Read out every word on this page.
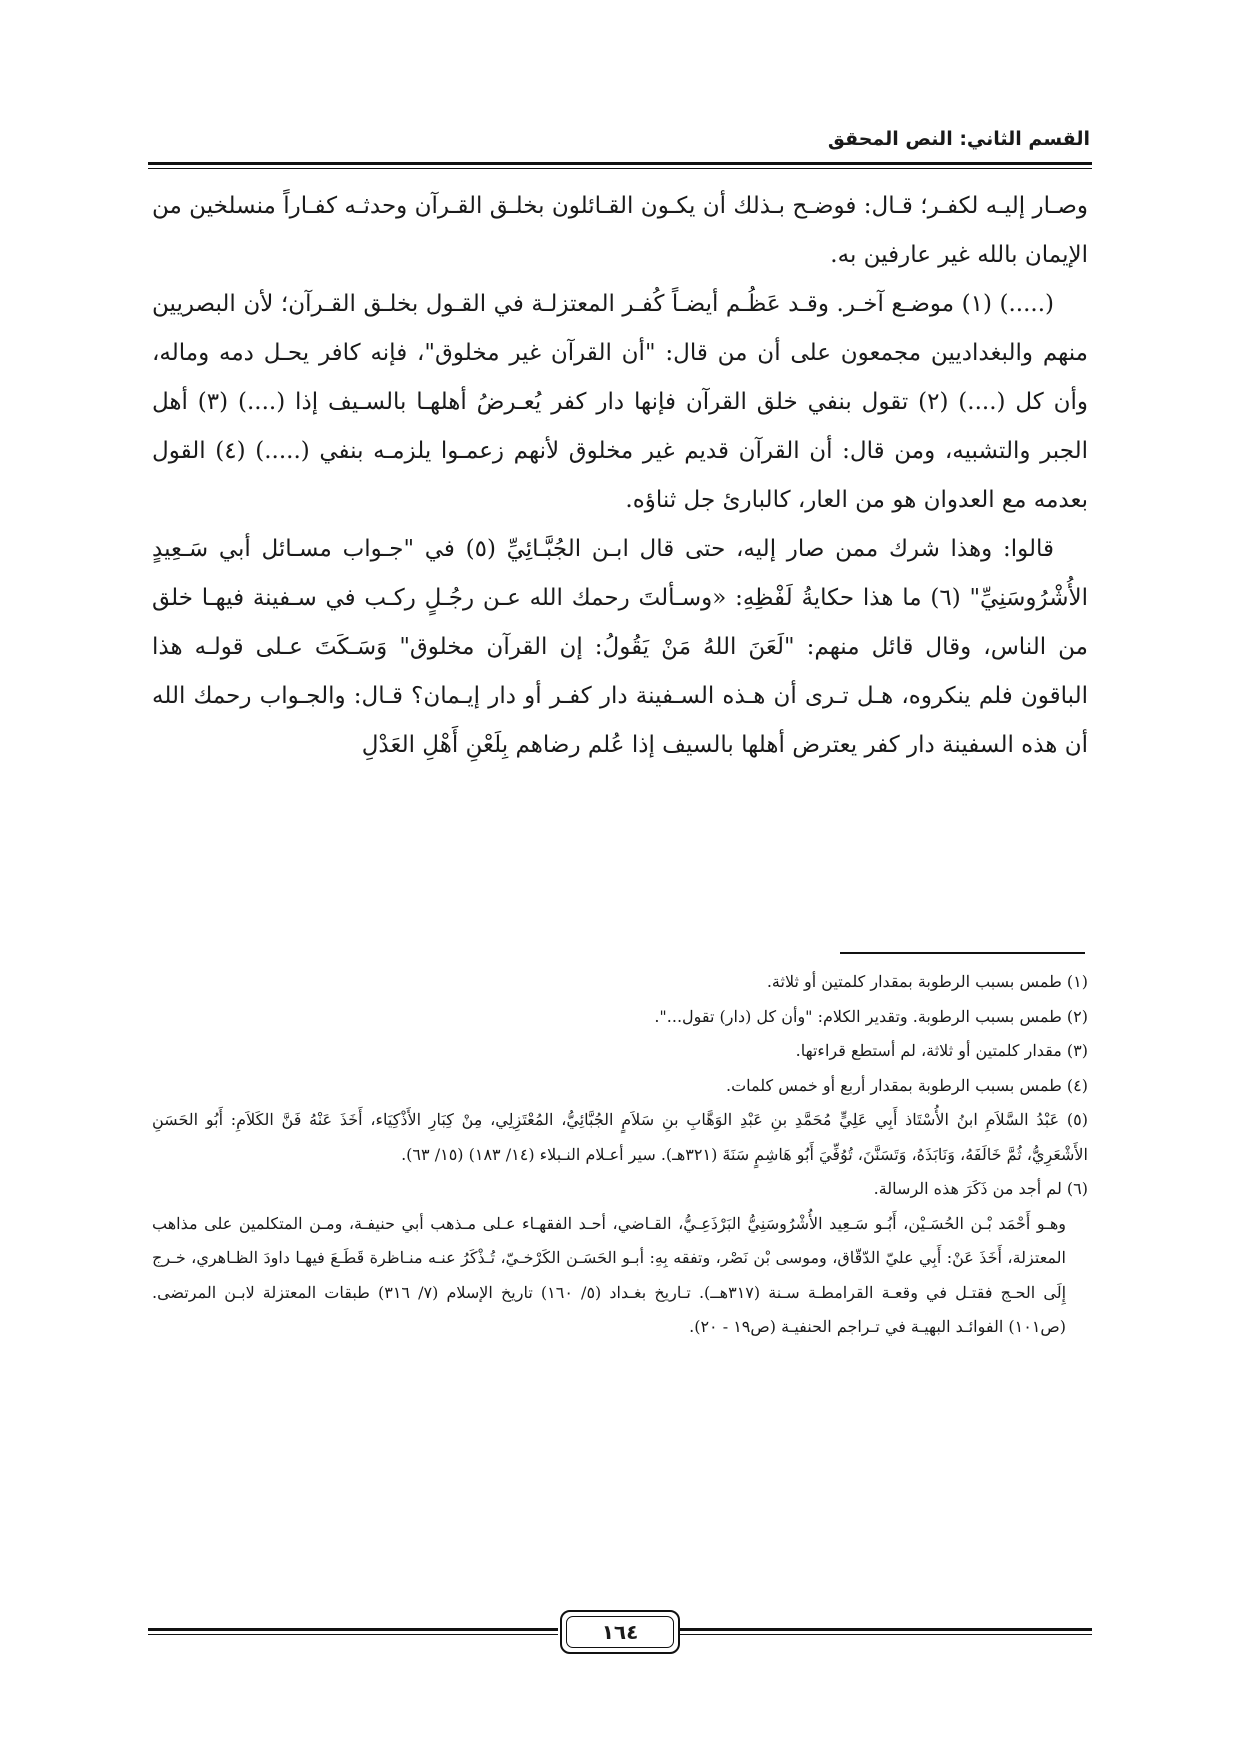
القسم الثاني: النص المحقق

وصـار إليـه لكفـر؛ قـال: فوضـح بـذلك أن يكـون القـائلون بخلـق القـرآن وحدثـه كفـاراً منسلخين من الإيمان بالله غير عارفين به.

(.....) (١) موضـع آخـر. وقـد عَظُـم أيضـاً كُفـر المعتزلـة في القـول بخلـق القـرآن؛ لأن البصريين منهم والبغداديين مجمعون على أن من قال: "أن القرآن غير مخلوق"، فإنه كافر يحـل دمه وماله، وأن كل (....) (٢) تقول بنفي خلق القرآن فإنها دار كفر يُعـرضُ أهلهـا بالسـيف إذا (....) (٣) أهل الجبر والتشبيه، ومن قال: أن القرآن قديم غير مخلوق لأنهم زعمـوا يلزمـه بنفي (.....) (٤) القول بعدمه مع العدوان هو من العار، كالبارئ جل ثناؤه.

قالوا: وهذا شرك ممن صار إليه، حتى قال ابـن الجُبَّـائِيِّ (٥) في "جـواب مسـائل أبي سَـعِيدٍ الأُشْرُوسَنِيِّ" (٦) ما هذا حكايةُ لَفْظِهِ: «وسـألتَ رحمك الله عـن رجُـلٍ ركـب في سـفينة فيهـا خلق من الناس، وقال قائل منهم: "لَعَنَ اللهُ مَنْ يَقُولُ: إن القرآن مخلوق" وَسَـكَتَ عـلى قولـه هذا الباقون فلم ينكروه، هـل تـرى أن هـذه السـفينة دار كفـر أو دار إيـمان؟ قـال: والجـواب رحمك الله أن هذه السفينة دار كفر يعترض أهلها بالسيف إذا عُلم رضاهم بِلَعْنِ أَهْلِ العَدْلِ

(١) طمس بسبب الرطوبة بمقدار كلمتين أو ثلاثة.

(٢) طمس بسبب الرطوبة. وتقدير الكلام: "وأن كل (دار) تقول...".

(٣) مقدار كلمتين أو ثلاثة، لم أستطع قراءتها.

(٤) طمس بسبب الرطوبة بمقدار أربع أو خمس كلمات.

(٥) عَبْدُ السَّلاَمِ ابنُ الأُسْتَاذ أَبِي عَلِيٍّ مُحَمَّدِ بنِ عَبْدِ الوَهَّابِ بنِ سَلاَمٍ الجُبَّائِيُّ، المُعْتَزِلِي، مِنْ كِبَارِ الأَذْكِيَاء، أَخَذَ عَنْهُ فَنَّ الكَلاَمِ: أَبُو الحَسَنِ الأَشْعَرِيُّ، ثُمَّ خَالَفَهُ، وَنَابَذَهُ، وَتَسَنَّنَ، تُوُفِّيَ أَبُو هَاشِمٍ سَنَةَ (٣٢١هـ). سير أعـلام النـبلاء (١٤/ ١٨٣) (١٥/ ٦٣).

(٦) لم أجد من ذَكَرَ هذه الرسالة.

وهـو أَحْمَد بْـن الحُسَـيْن، أَبُـو سَـعِيد الأُشْرُوسَنِيُّ البَرْذَعِـيُّ، القـاضي، أحـد الفقهـاء عـلى مـذهب أبي حنيفـة، ومـن المتكلمين على مذاهب المعتزلة، أَخَذَ عَنْ: أَبِي عليّ الدّقّاق، وموسى بْن نَصْر، وتفقه بِهِ: أبـو الحَسَـن الكَرْخـيّ، تُـذْكَرُ عنـه منـاظرة قَطَـعَ فيهـا داودَ الظـاهري، خـرج إِلَى الحـج فقتـل في وقعـة القرامطـة سـنة (٣١٧هــ). تـاريخ بغـداد (٥/ ١٦٠) تاريخ الإسلام (٧/ ٣١٦) طبقات المعتزلة لابـن المرتضى. (ص١٠١) الفوائـد البهيـة في تـراجم الحنفيـة (ص١٩ - ٢٠).

١٦٤
